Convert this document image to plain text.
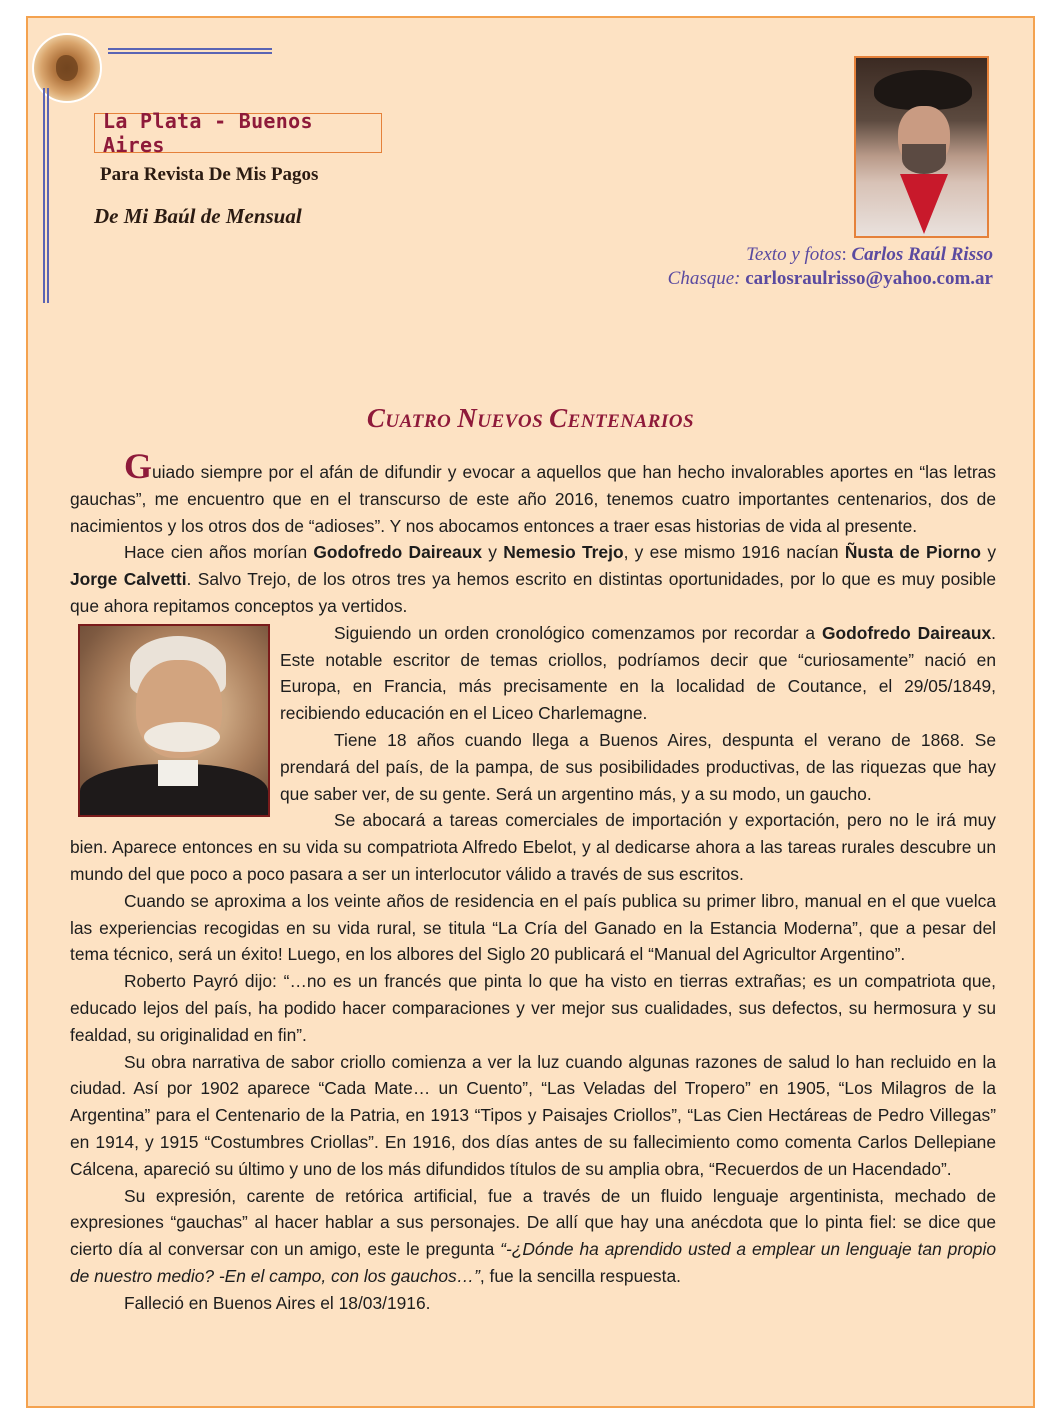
La Plata - Buenos Aires
Para Revista De Mis Pagos
De Mi Baúl de Mensual
Texto y fotos: Carlos Raúl Risso
Chasque: carlosraulrisso@yahoo.com.ar
Cuatro Nuevos Centenarios

Guiado siempre por el afán de difundir y evocar a aquellos que han hecho invalorables aportes en “las letras gauchas”, me encuentro que en el transcurso de este año 2016, tenemos cuatro importantes centenarios, dos de nacimientos y los otros dos de “adioses”. Y nos abocamos entonces a traer esas historias de vida al presente.

Hace cien años morían Godofredo Daireaux y Nemesio Trejo, y ese mismo 1916 nacían Ñusta de Piorno y Jorge Calvetti. Salvo Trejo, de los otros tres ya hemos escrito en distintas oportunidades, por lo que es muy posible que ahora repitamos conceptos ya vertidos.

Siguiendo un orden cronológico comenzamos por recordar a Godofredo Daireaux. Este notable escritor de temas criollos, podríamos decir que “curiosamente” nació en Europa, en Francia, más precisamente en la localidad de Coutance, el 29/05/1849, recibiendo educación en el Liceo Charlemagne.

Tiene 18 años cuando llega a Buenos Aires, despunta el verano de 1868. Se prendará del país, de la pampa, de sus posibilidades productivas, de las riquezas que hay que saber ver, de su gente. Será un argentino más, y a su modo, un gaucho.

Se abocará a tareas comerciales de importación y exportación, pero no le irá muy bien. Aparece entonces en su vida su compatriota Alfredo Ebelot, y al dedicarse ahora a las tareas rurales descubre un mundo del que poco a poco pasara a ser un interlocutor válido a través de sus escritos.

Cuando se aproxima a los veinte años de residencia en el país publica su primer libro, manual en el que vuelca las experiencias recogidas en su vida rural, se titula “La Cría del Ganado en la Estancia Moderna”, que a pesar del tema técnico, será un éxito! Luego, en los albores del Siglo 20 publicará el “Manual del Agricultor Argentino”.

Roberto Payró dijo: “…no es un francés que pinta lo que ha visto en tierras extrañas; es un compatriota que, educado lejos del país, ha podido hacer comparaciones y ver mejor sus cualidades, sus defectos, su hermosura y su fealdad, su originalidad en fin”.

Su obra narrativa de sabor criollo comienza a ver la luz cuando algunas razones de salud lo han recluido en la ciudad. Así por 1902 aparece “Cada Mate… un Cuento”, “Las Veladas del Tropero” en 1905, “Los Milagros de la Argentina” para el Centenario de la Patria, en 1913 “Tipos y Paisajes Criollos”, “Las Cien Hectáreas de Pedro Villegas” en 1914, y 1915 “Costumbres Criollas”. En 1916, dos días antes de su fallecimiento como comenta Carlos Dellepiane Cálcena, apareció su último y uno de los más difundidos títulos de su amplia obra, “Recuerdos de un Hacendado”.

Su expresión, carente de retórica artificial, fue a través de un fluido lenguaje argentinista, mechado de expresiones “gauchas” al hacer hablar a sus personajes. De allí que hay una anécdota que lo pinta fiel: se dice que cierto día al conversar con un amigo, este le pregunta “-¿Dónde ha aprendido usted a emplear un lenguaje tan propio de nuestro medio? -En el campo, con los gauchos…”, fue la sencilla respuesta.

Falleció en Buenos Aires el 18/03/1916.
